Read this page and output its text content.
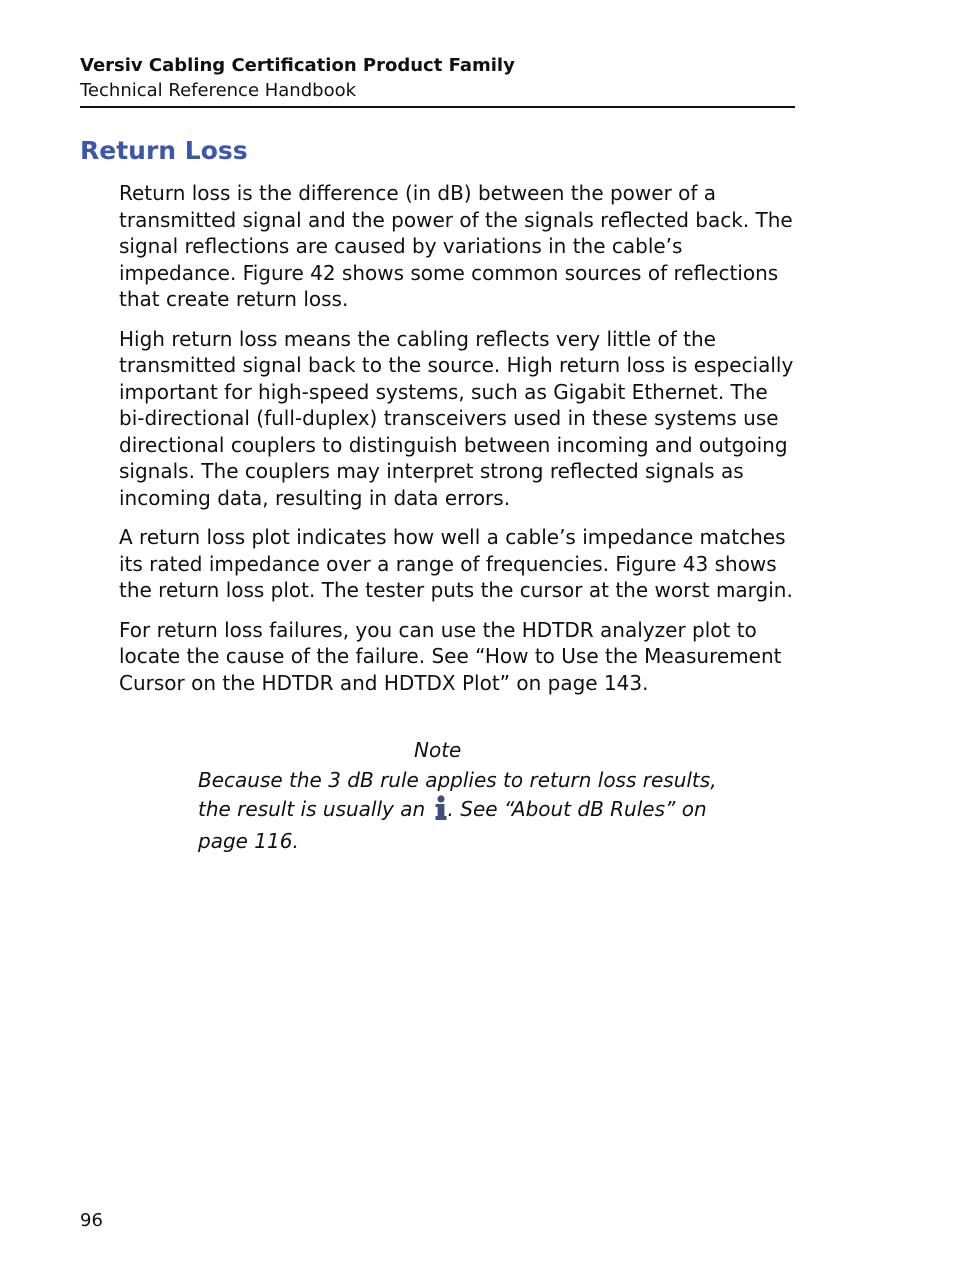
Versiv Cabling Certification Product Family
Technical Reference Handbook
Return Loss

Return loss is the difference (in dB) between the power of a transmitted signal and the power of the signals reflected back. The signal reflections are caused by variations in the cable’s impedance. Figure 42 shows some common sources of reflections that create return loss.

High return loss means the cabling reflects very little of the transmitted signal back to the source. High return loss is especially important for high-speed systems, such as Gigabit Ethernet. The bi-directional (full-duplex) transceivers used in these systems use directional couplers to distinguish between incoming and outgoing signals. The couplers may interpret strong reflected signals as incoming data, resulting in data errors.

A return loss plot indicates how well a cable’s impedance matches its rated impedance over a range of frequencies. Figure 43 shows the return loss plot. The tester puts the cursor at the worst margin.

For return loss failures, you can use the HDTDR analyzer plot to locate the cause of the failure. See “How to Use the Measurement Cursor on the HDTDR and HDTDX Plot” on page 143.

Note

Because the 3 dB rule applies to return loss results, the result is usually an . See “About dB Rules” on page 116.

96
